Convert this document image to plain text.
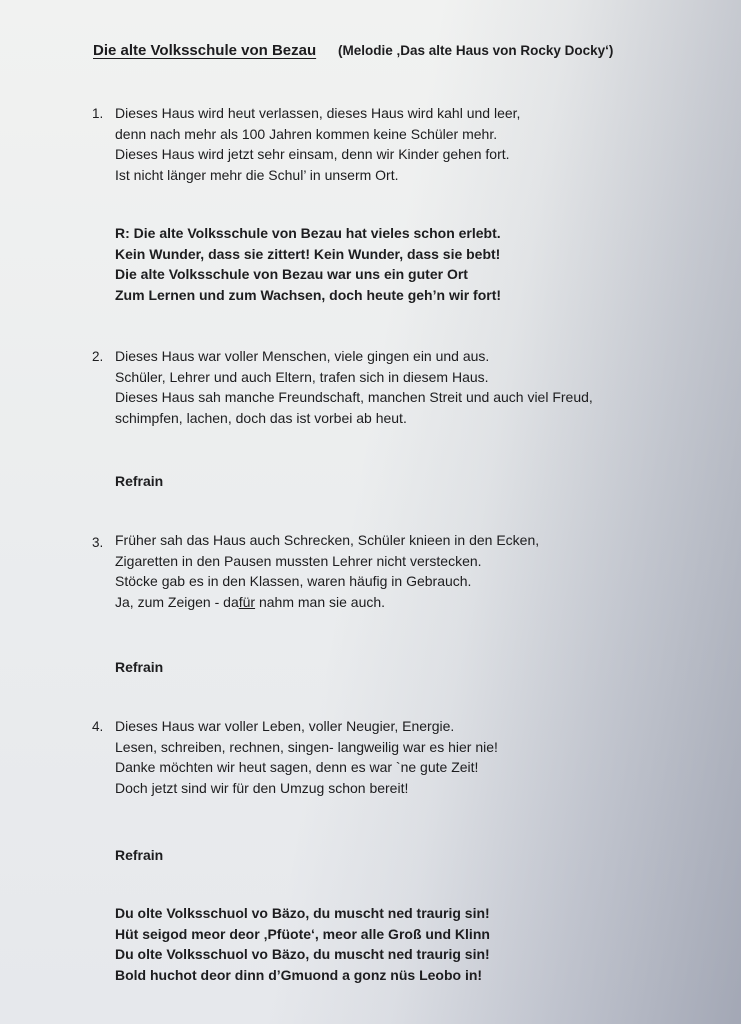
Die alte Volksschule von Bezau (Melodie ‚Das alte Haus von Rocky Docky‘)
1. Dieses Haus wird heut verlassen, dieses Haus wird kahl und leer,
denn nach mehr als 100 Jahren kommen keine Schüler mehr.
Dieses Haus wird jetzt sehr einsam, denn wir Kinder gehen fort.
Ist nicht länger mehr die Schul’ in unserm Ort.
R: Die alte Volksschule von Bezau hat vieles schon erlebt.
Kein Wunder, dass sie zittert! Kein Wunder, dass sie bebt!
Die alte Volksschule von Bezau war uns ein guter Ort
Zum Lernen und zum Wachsen, doch heute geh’n wir fort!
2. Dieses Haus war voller Menschen, viele gingen ein und aus.
Schüler, Lehrer und auch Eltern, trafen sich in diesem Haus.
Dieses Haus sah manche Freundschaft, manchen Streit und auch viel Freud,
schimpfen, lachen, doch das ist vorbei ab heut.
Refrain
3. Früher sah das Haus auch Schrecken, Schüler knieen in den Ecken,
Zigaretten in den Pausen mussten Lehrer nicht verstecken.
Stöcke gab es in den Klassen, waren häufig in Gebrauch.
Ja, zum Zeigen - dafür nahm man sie auch.
Refrain
4. Dieses Haus war voller Leben, voller Neugier, Energie.
Lesen, schreiben, rechnen, singen- langweilig war es hier nie!
Danke möchten wir heut sagen, denn es war `ne gute Zeit!
Doch jetzt sind wir für den Umzug schon bereit!
Refrain
Du olte Volksschuol vo Bäzo, du muscht ned traurig sin!
Hüt seigod meor deor ‚Pfüote‘, meor alle Groß und Klinn
Du olte Volksschuol vo Bäzo, du muscht ned traurig sin!
Bold huchot deor dinn d’Gmuond a gonz nüs Leobo in!
